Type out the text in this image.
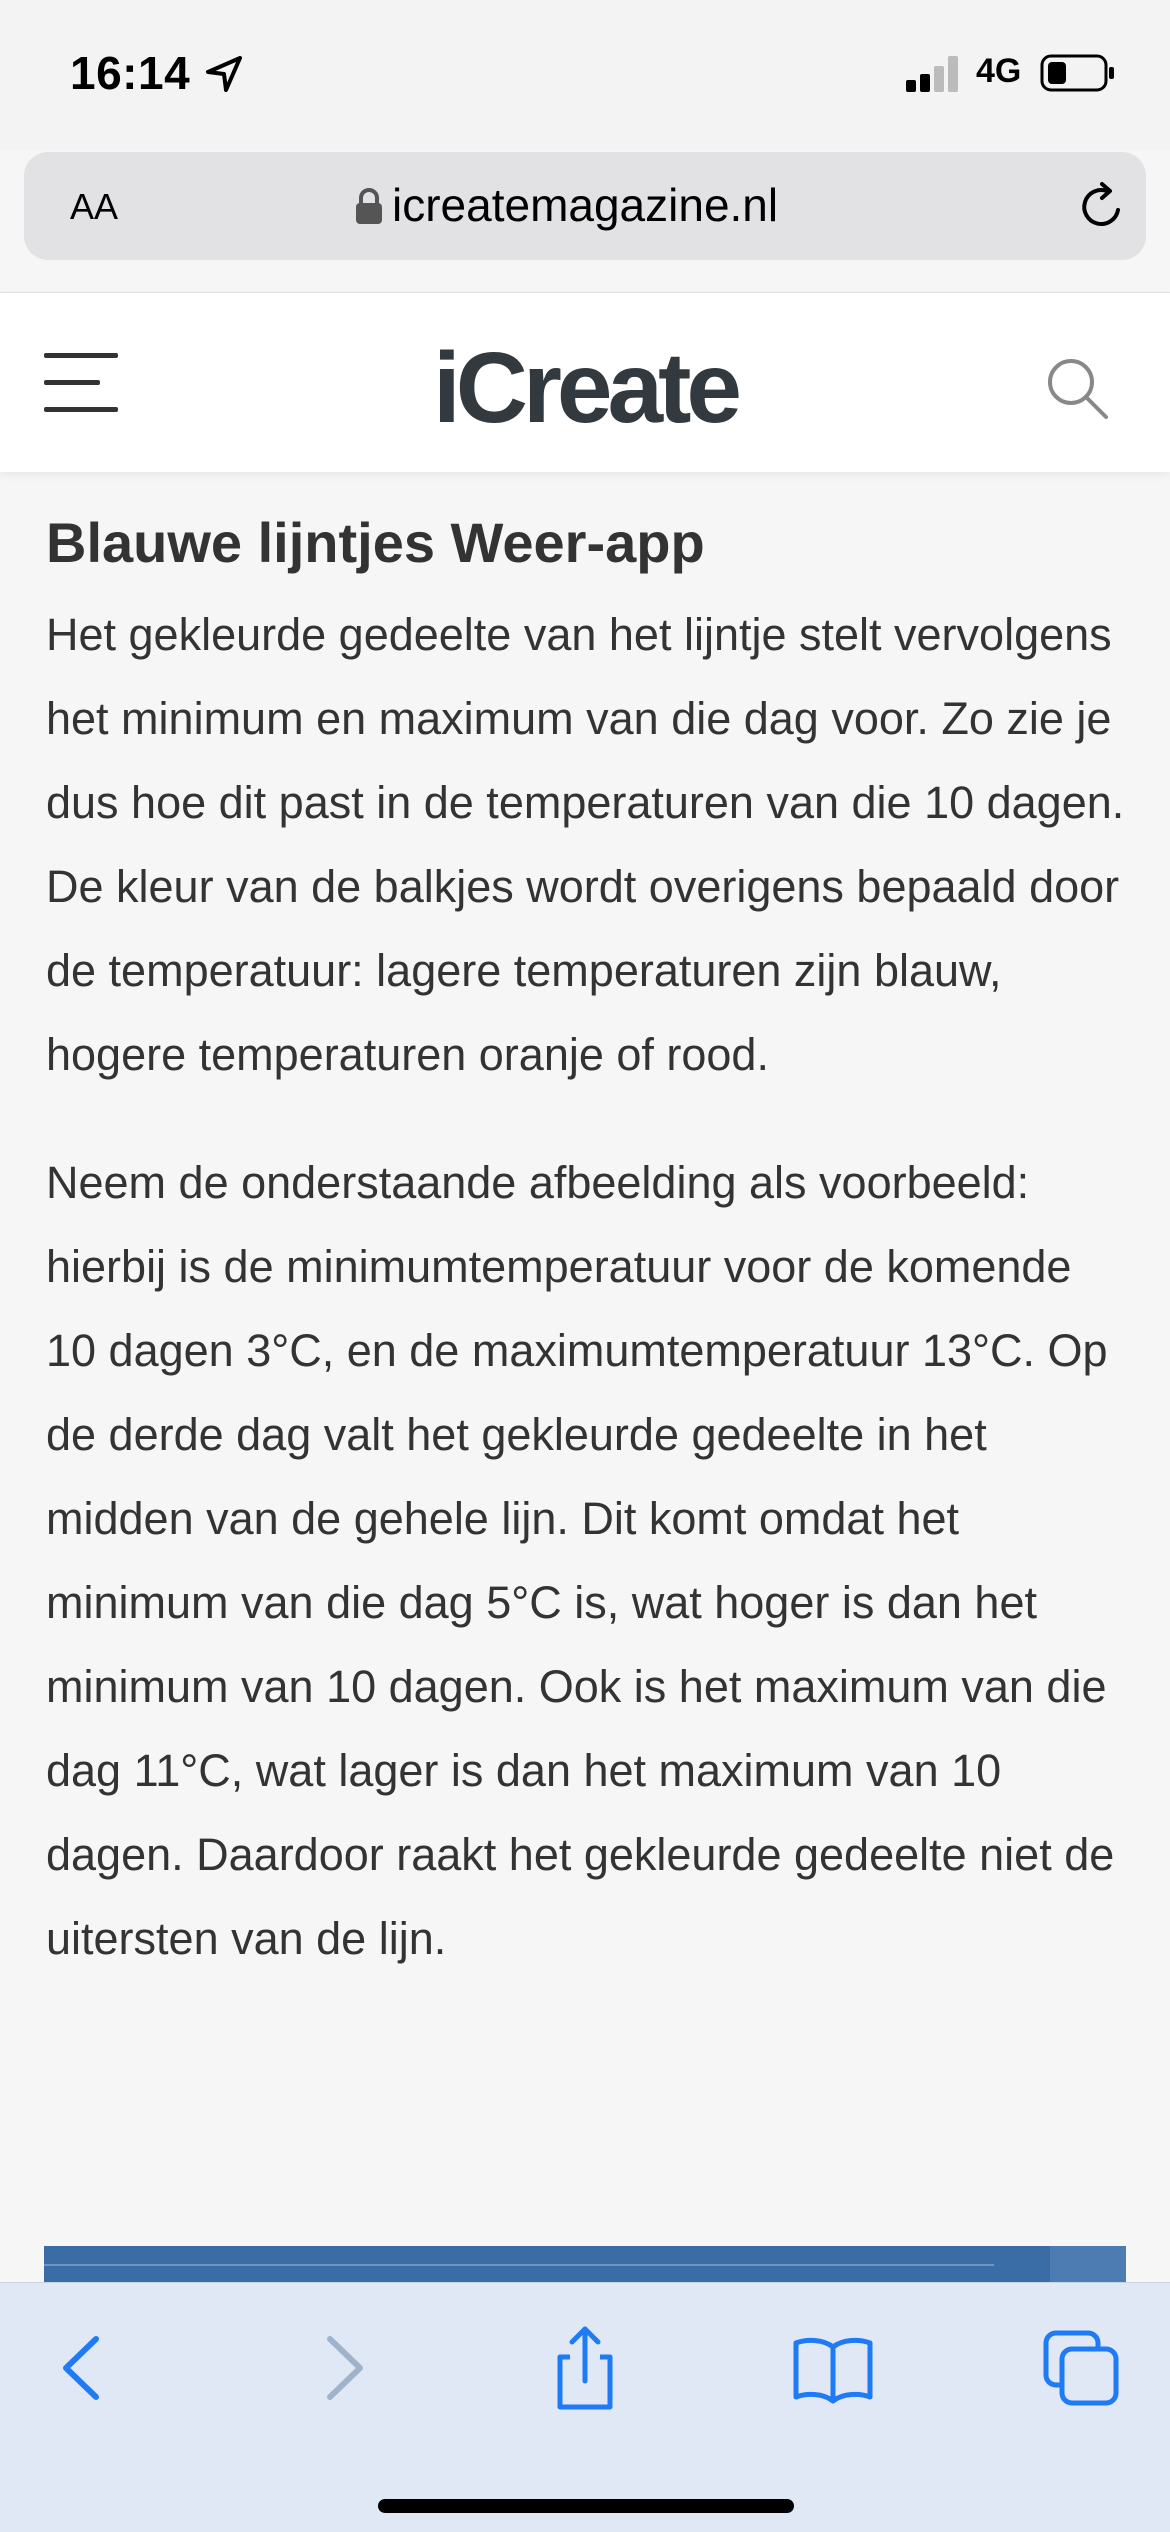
16:14	4G
AA	icreatemagazine.nl
iCreate
Blauwe lijntjes Weer-app

Het gekleurde gedeelte van het lijntje stelt vervolgens het minimum en maximum van die dag voor. Zo zie je dus hoe dit past in de temperaturen van die 10 dagen. De kleur van de balkjes wordt overigens bepaald door de temperatuur: lagere temperaturen zijn blauw, hogere temperaturen oranje of rood.

Neem de onderstaande afbeelding als voorbeeld: hierbij is de minimumtemperatuur voor de komende 10 dagen 3°C, en de maximumtemperatuur 13°C. Op de derde dag valt het gekleurde gedeelte in het midden van de gehele lijn. Dit komt omdat het minimum van die dag 5°C is, wat hoger is dan het minimum van 10 dagen. Ook is het maximum van die dag 11°C, wat lager is dan het maximum van 10 dagen. Daardoor raakt het gekleurde gedeelte niet de uitersten van de lijn.
